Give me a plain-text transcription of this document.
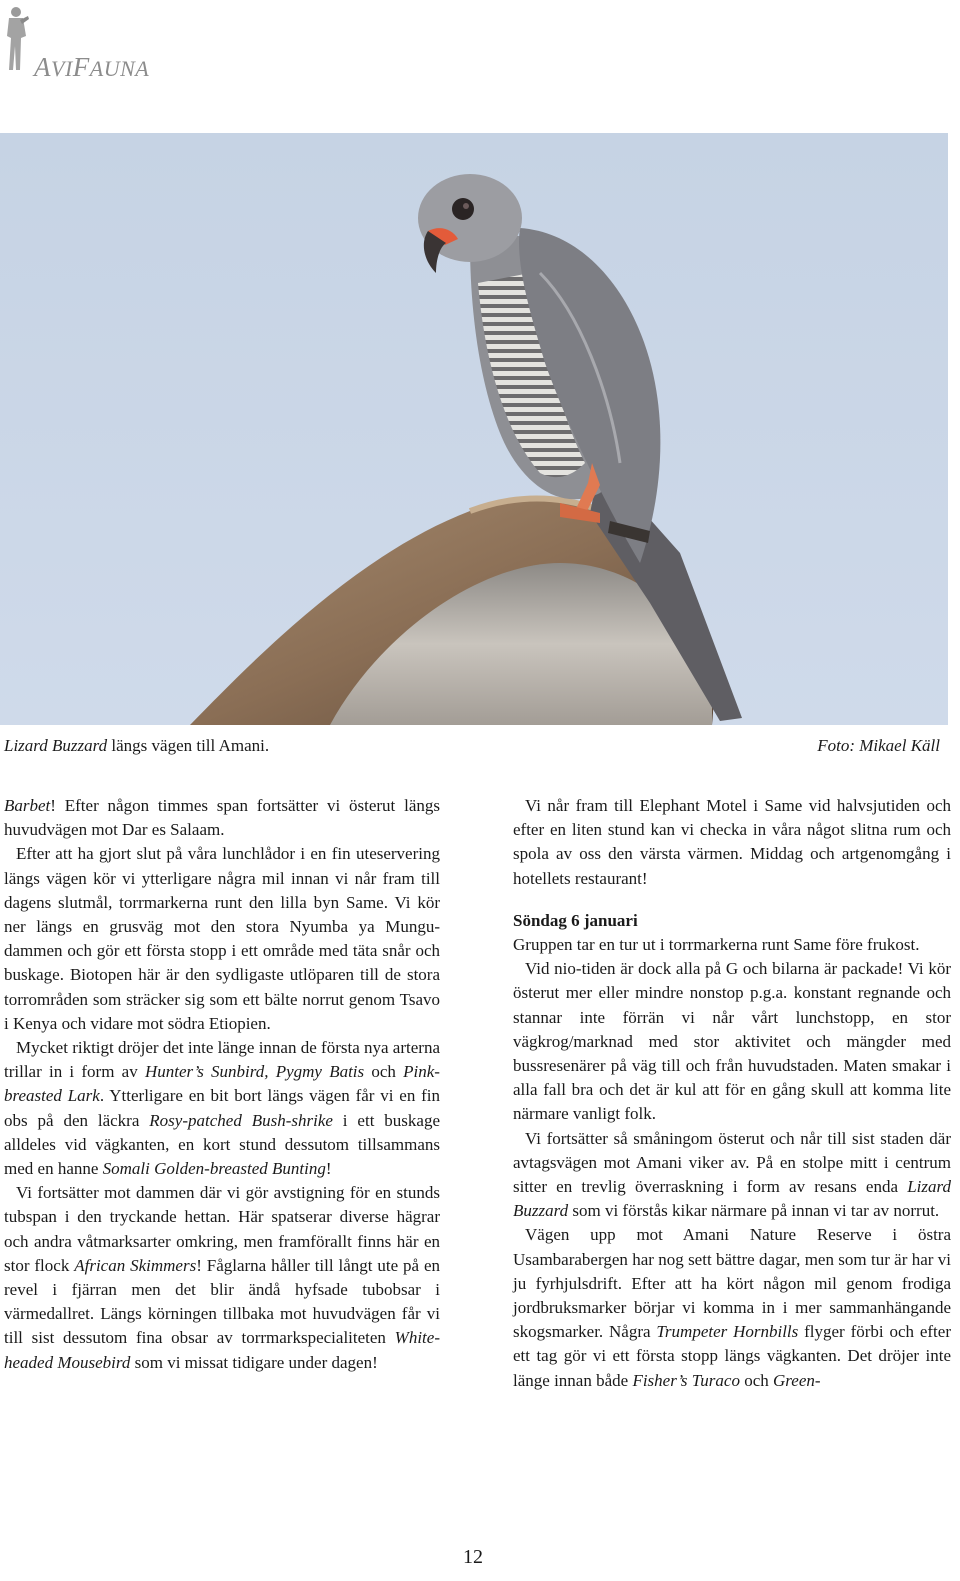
AVIFAUNA
Lizard Buzzard längs vägen till Amani.	Foto: Mikael Käll

Barbet! Efter någon timmes span fortsätter vi österut längs huvudvägen mot Dar es Salaam.

Efter att ha gjort slut på våra lunchlådor i en fin uteservering längs vägen kör vi ytterligare några mil innan vi når fram till dagens slutmål, torrmarkerna runt den lilla byn Same. Vi kör ner längs en grusväg mot den stora Nyumba ya Mungu-dammen och gör ett första stopp i ett område med täta snår och buskage. Biotopen här är den sydligaste utlöparen till de stora torrområden som sträcker sig som ett bälte norrut genom Tsavo i Kenya och vidare mot södra Etiopien.

Mycket riktigt dröjer det inte länge innan de första nya arterna trillar in i form av Hunter’s Sunbird, Pygmy Batis och Pink-breasted Lark. Ytterligare en bit bort längs vägen får vi en fin obs på den läckra Rosy-patched Bush-shrike i ett buskage alldeles vid vägkanten, en kort stund dessutom tillsammans med en hanne Somali Golden-breasted Bunting!

Vi fortsätter mot dammen där vi gör avstigning för en stunds tubspan i den tryckande hettan. Här spatserar diverse hägrar och andra våtmarksarter omkring, men framförallt finns här en stor flock African Skimmers! Fåglarna håller till långt ute på en revel i fjärran men det blir ändå hyfsade tubobsar i värmedallret. Längs körningen tillbaka mot huvudvägen får vi till sist dessutom fina obsar av torrmarkspecialiteten White-headed Mousebird som vi missat tidigare under dagen!

Vi når fram till Elephant Motel i Same vid halvsjutiden och efter en liten stund kan vi checka in våra något slitna rum och spola av oss den värsta värmen. Middag och artgenomgång i hotellets restaurant!

Söndag 6 januari

Gruppen tar en tur ut i torrmarkerna runt Same före frukost.

Vid nio-tiden är dock alla på G och bilarna är packade! Vi kör österut mer eller mindre nonstop p.g.a. konstant regnande och stannar inte förrän vi når vårt lunchstopp, en stor vägkrog/marknad med stor aktivitet och mängder med bussresenärer på väg till och från huvudstaden. Maten smakar i alla fall bra och det är kul att för en gång skull att komma lite närmare vanligt folk.

Vi fortsätter så småningom österut och når till sist staden där avtagsvägen mot Amani viker av. På en stolpe mitt i centrum sitter en trevlig överraskning i form av resans enda Lizard Buzzard som vi förstås kikar närmare på innan vi tar av norrut.

Vägen upp mot Amani Nature Reserve i östra Usambarabergen har nog sett bättre dagar, men som tur är har vi ju fyrhjulsdrift. Efter att ha kört någon mil genom frodiga jordbruksmarker börjar vi komma in i mer sammanhängande skogsmarker. Några Trumpeter Hornbills flyger förbi och efter ett tag gör vi ett första stopp längs vägkanten. Det dröjer inte länge innan både Fisher’s Turaco och Green-

12
